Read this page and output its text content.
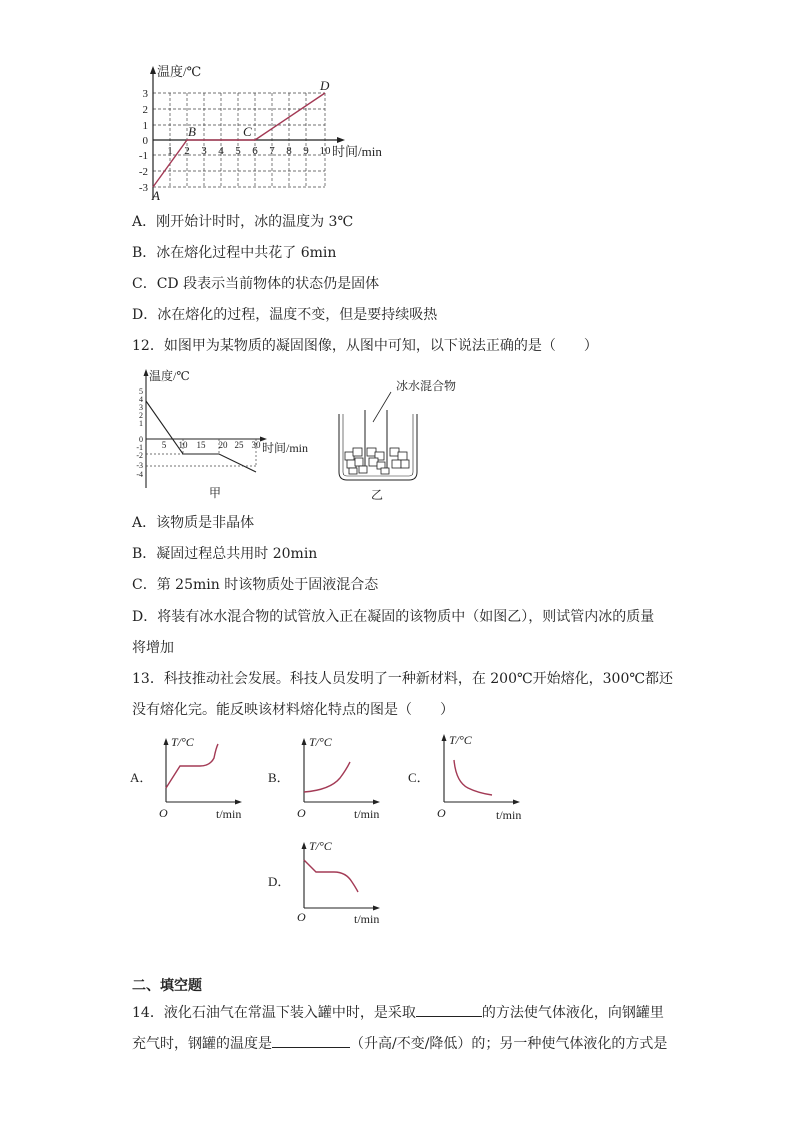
温度/℃
时间/min
3
2
1
0
-1
-2
-3
1 2 3 4 5 6 7 8 9 10
A
B	C
D
A．刚开始计时时，冰的温度为 3℃
B．冰在熔化过程中共花了 6min
C．CD 段表示当前物体的状态仍是固体
D．冰在熔化的过程，温度不变，但是要持续吸热
12．如图甲为某物质的凝固图像，从图中可知，以下说法正确的是（　　）
温度/℃
时间/min
5
4
3
2
1
0
-1
-2
-3
-4
5 10 15 20 25 30
甲
冰水混合物
乙
A．该物质是非晶体
B．凝固过程总共用时 20min
C．第 25min 时该物质处于固液混合态
D．将装有冰水混合物的试管放入正在凝固的该物质中（如图乙），则试管内冰的质量
将增加
13．科技推动社会发展。科技人员发明了一种新材料，在 200℃开始熔化，300℃都还
没有熔化完。能反映该材料熔化特点的图是（　　）
A．
T/°C
O	t/min
B．
T/°C
O	t/min
C．
T/°C
O	t/min
D．
T/°C
O	t/min
二、填空题
14．液化石油气在常温下装入罐中时，是采取	的方法使气体液化，向钢罐里
充气时，钢罐的温度是	（升高/不变/降低）的；另一种使气体液化的方式是
